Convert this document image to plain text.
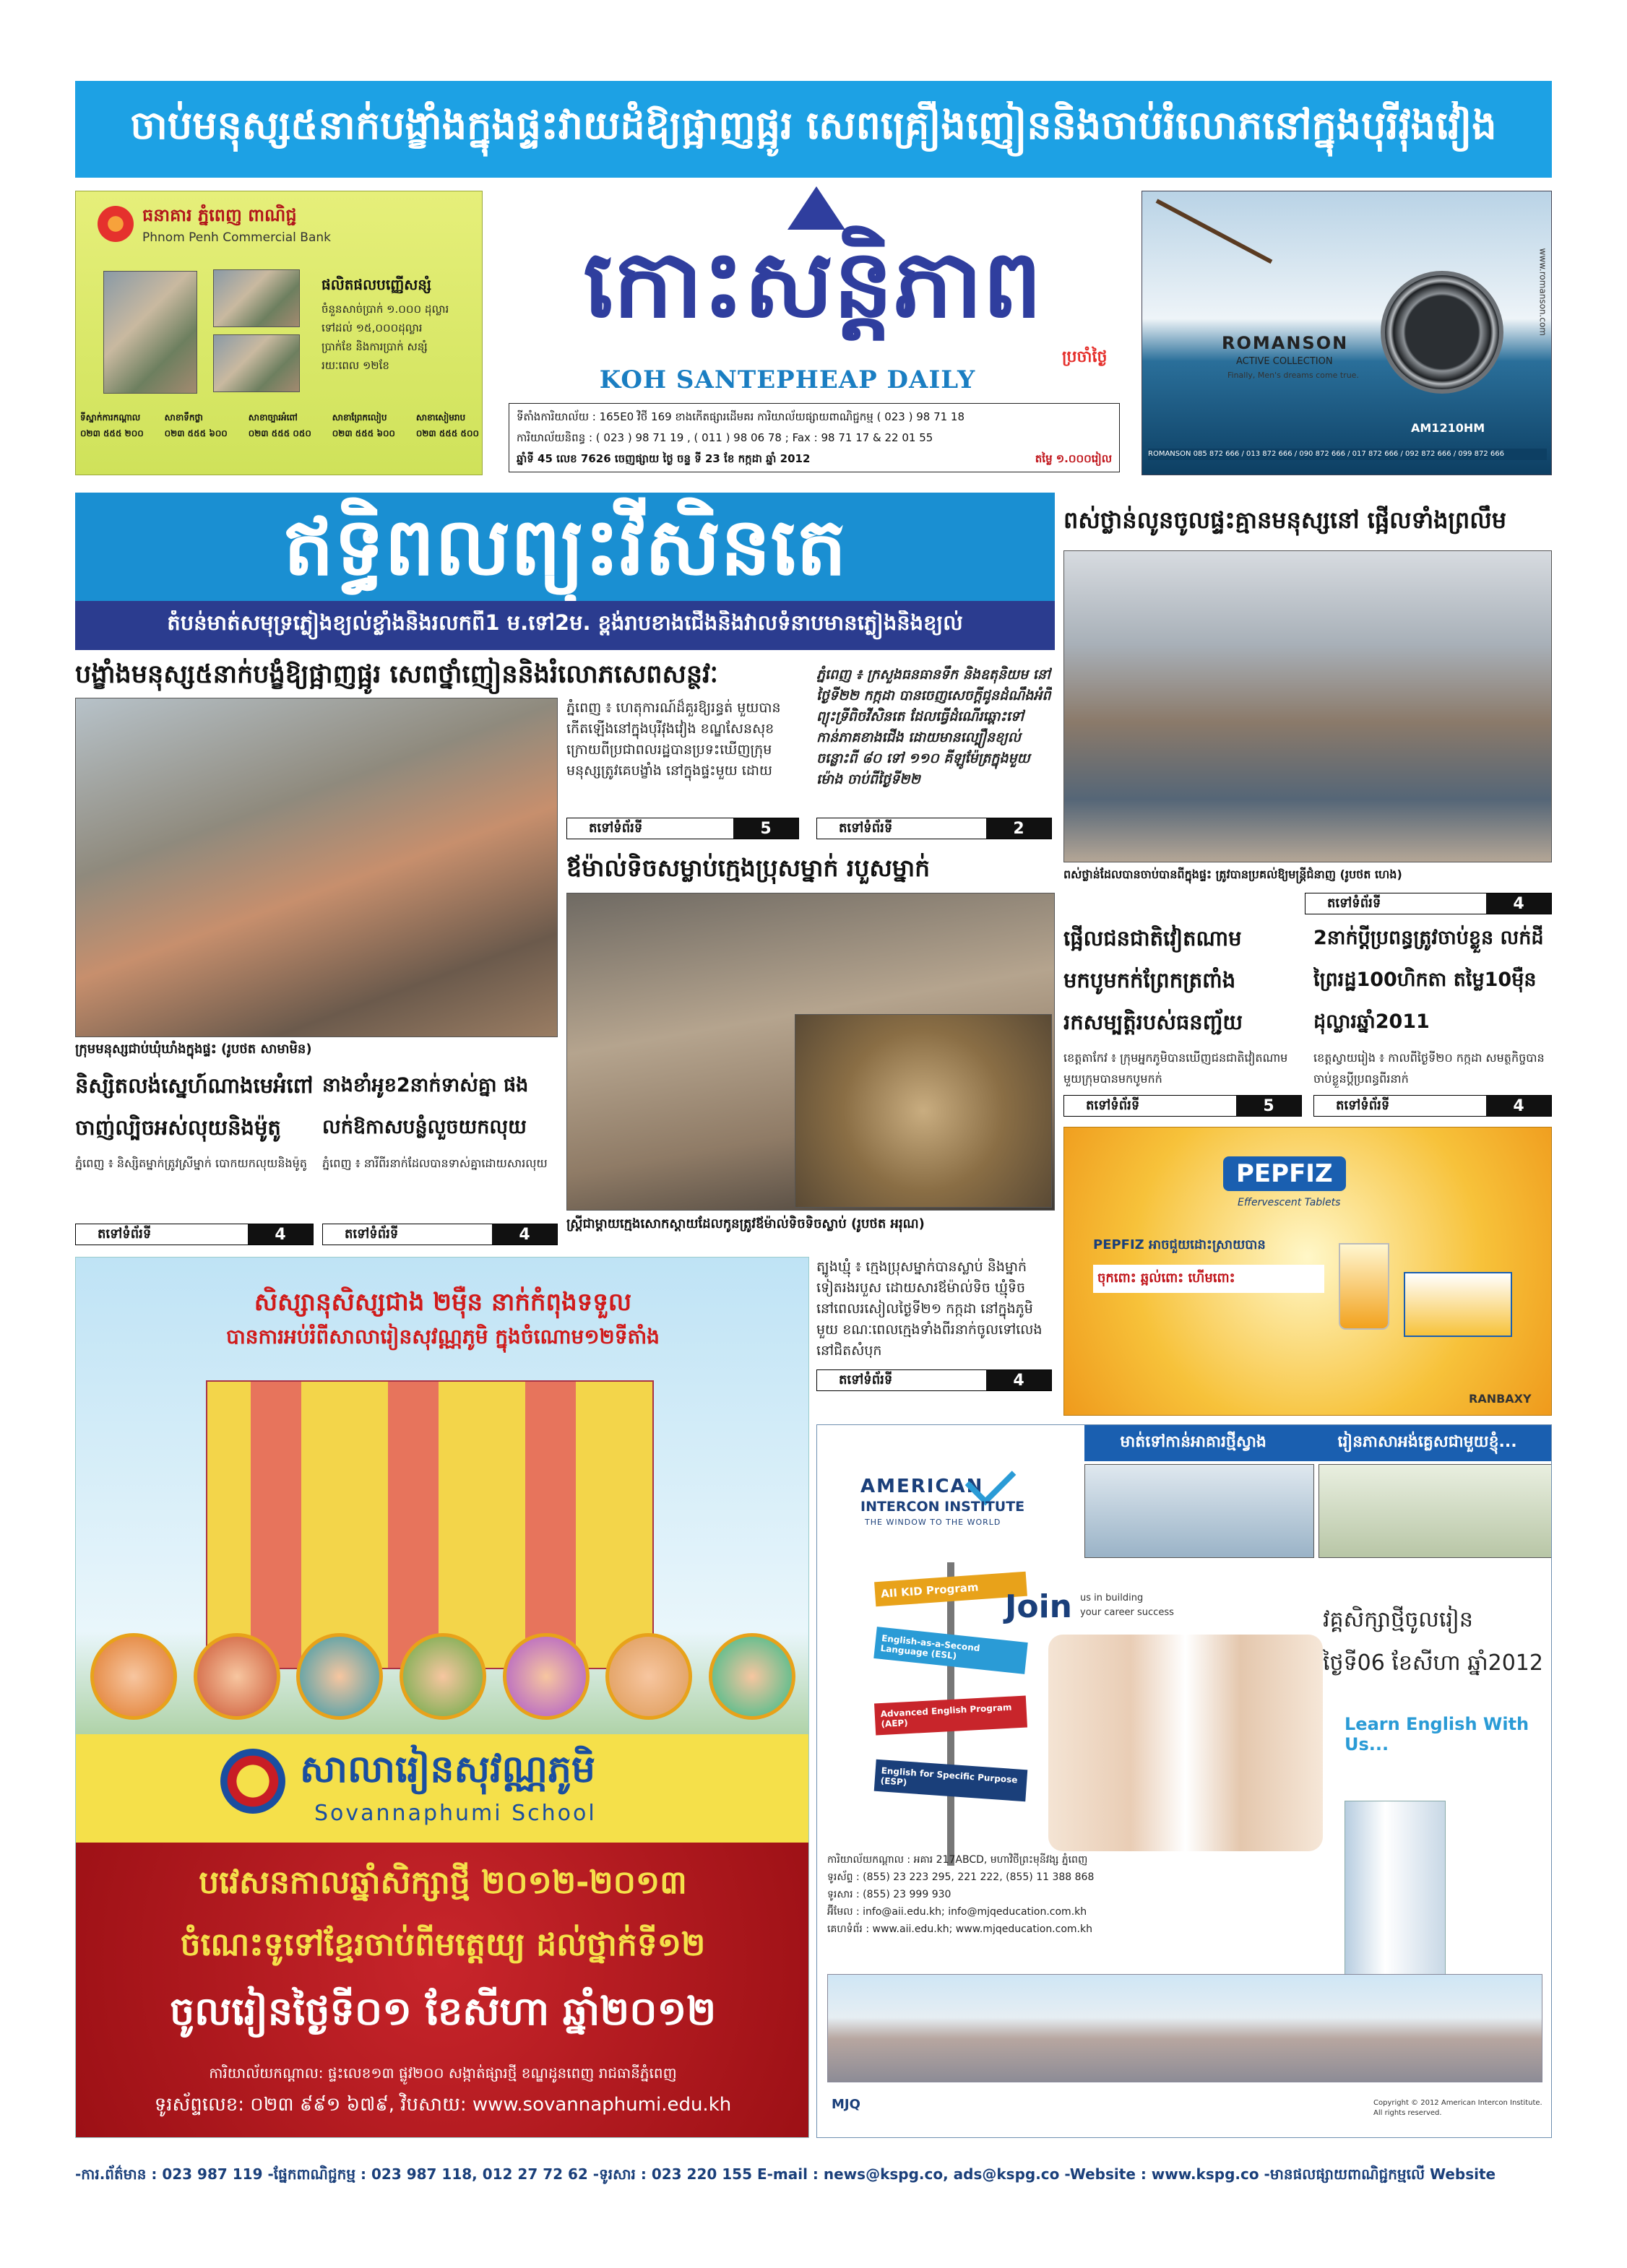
ចាប់មនុស្ស៥នាក់បង្ខាំងក្នុងផ្ទះវាយដំឱ្យផ្អាញផ្អូរ សេពគ្រឿងញៀននិងចាប់រំលោភនៅក្នុងបុរីវុងវៀង
ធនាគារ ភ្នំពេញ ពាណិជ្ជ
Phnom Penh Commercial Bank
ផលិតផលបញ្ញើសន្សំ
ចំនួនសាច់ប្រាក់ ១.០០០ ដុល្លារ
ទៅដល់ ១៥,០០០ដុល្លារ
ប្រាក់ខែ និងការប្រាក់ សន្សំ
រយៈពេល ១២ខែ
ទីស្នាក់ការកណ្តាល
០២៣ ៥៥៥ ២០០
សាខាទឹកថ្លា
០២៣ ៥៥៥ ៦០០
សាខាច្បារអំពៅ
០២៣ ៥៥៥ ០៥០
សាខាព្រែកលៀប
០២៣ ៥៥៥ ៦០០
សាខាសៀមរាប
០២៣ ៥៥៥ ៥០០
កោះសន្តិភាព
KOH SANTEPHEAP DAILY
ប្រចាំថ្ងៃ
ទីតាំងការិយាល័យ : 165E0 វិថី 169 ខាងកើតផ្សារដើមគរ ការិយាល័យផ្សាយពាណិជ្ជកម្ម ( 023 ) 98 71 18
ការិយាល័យនិពន្ធ : ( 023 ) 98 71 19 , ( 011 ) 98 06 78 ; Fax : 98 71 17 & 22 01 55
ឆ្នាំទី 45 លេខ 7626 ចេញផ្សាយ ថ្ងៃ ចន្ទ ទី 23 ខែ កក្កដា ឆ្នាំ 2012	តម្លៃ ១.០០០រៀល
ROMANSON
ACTIVE COLLECTION
Finally, Men's dreams come true.
AM1210HM
www.romanson.com
ROMANSON 085 872 666 / 013 872 666 / 090 872 666 / 017 872 666 / 092 872 666 / 099 872 666
ឥទ្ធិពលព្យុះវីសិនតេ
តំបន់មាត់សមុទ្រភ្លៀងខ្យល់ខ្លាំងនិងរលកពី1 ម.ទៅ2ម. ខ្ពង់រាបខាងជើងនិងវាលទំនាបមានភ្លៀងនិងខ្យល់
បង្ខាំងមនុស្ស៥នាក់បង្ខំឱ្យផ្អាញផ្អូរ សេពថ្នាំញៀននិងរំលោភសេពសន្ថវៈ
ក្រុមមនុស្សជាប់ឃុំឃាំងក្នុងផ្ទះ (រូបថត សាមាមិន)
ភ្នំពេញ ៖ ហេតុការណ៍ដ៏គួរឱ្យរន្ធត់ មួយបានកើតឡើងនៅក្នុងបុរីវុងវៀង ខណ្ឌសែនសុខ ក្រោយពីប្រជាពលរដ្ឋបានប្រទះឃើញក្រុមមនុស្សត្រូវគេបង្ខាំង នៅក្នុងផ្ទះមួយ ដោយ
តទៅទំព័រទី	5
ភ្នំពេញ ៖ ក្រសួងធនធានទឹក និងឧតុនិយម នៅថ្ងៃទី២២ កក្កដា បានចេញសេចក្តីជូនដំណឹងអំពីព្យុះទី្រពិចវីសិនតេ ដែលធ្វើដំណើរឆ្ពោះទៅកាន់ភាគខាងជើង ដោយមានល្បឿនខ្យល់ ចន្លោះពី ៨០ ទៅ ១១០ គីឡូម៉ែត្រក្នុងមួយម៉ោង ចាប់ពីថ្ងៃទី២២
តទៅទំព័រទី	2
ឪម៉ាល់ទិចសម្លាប់ក្មេងប្រុសម្នាក់ របួសម្នាក់
ស្ត្រីជាម្តាយក្មេងសោកស្តាយដែលកូនត្រូវឪម៉ាល់ទិចទិចស្លាប់ (រូបថត អរុណ)
ត្បូងឃ្មុំ ៖ ក្មេងប្រុសម្នាក់បានស្លាប់ និងម្នាក់ទៀតរងរបួស ដោយសារឪម៉ាល់ទិច ឃ្មុំទិចនៅពេលរសៀលថ្ងៃទី២១ កក្កដា នៅក្នុងភូមិមួយ ខណៈពេលក្មេងទាំងពីរនាក់ចូលទៅលេងនៅជិតសំបុក
តទៅទំព័រទី	4
ពស់ថ្លាន់លូនចូលផ្ទះគ្មានមនុស្សនៅ ផ្អើលទាំងព្រលឹម
ពស់ថ្លាន់ដែលបានចាប់បានពីក្នុងផ្ទះ ត្រូវបានប្រគល់ឱ្យមន្ត្រីជំនាញ (រូបថត ហេង)
តទៅទំព័រទី	4
ផ្អើលជនជាតិវៀតណាម មកបូមកក់ព្រែកត្រពាំង រកសម្បត្តិរបស់ធនញ្ជ័យ
ខេត្តតាកែវ ៖ ក្រុមអ្នកភូមិបានឃើញជនជាតិវៀតណាមមួយក្រុមបានមកបូមកក់
តទៅទំព័រទី	5
2នាក់ប្តីប្រពន្ធត្រូវចាប់ខ្លួន លក់ដីព្រៃរដ្ឋ100ហិកតា តម្លៃ10ម៉ឺនដុល្លារឆ្នាំ2011
ខេត្តស្វាយរៀង ៖ កាលពីថ្ងៃទី២០ កក្កដា សមត្ថកិច្ចបានចាប់ខ្លួនប្តីប្រពន្ធពីរនាក់
តទៅទំព័រទី	4
និស្សិតលង់ស្នេហ៍ណាងមេអំពៅ ចាញ់ល្បិចអស់លុយនិងម៉ូតូ
ភ្នំពេញ ៖ និស្សិតម្នាក់ត្រូវស្រីម្នាក់ បោកយកលុយនិងម៉ូតូ
តទៅទំព័រទី	4
នាងខាំអូខ2នាក់ទាស់គ្នា ផងលក់ឱកាសបន្លំលួចយកលុយ
ភ្នំពេញ ៖ នារីពីរនាក់ដែលបានទាស់គ្នាដោយសារលុយ
តទៅទំព័រទី	4
PEPFIZ
Effervescent Tablets
PEPFIZ អាចជួយដោះស្រាយបាន
ចុកពោះ ឆ្អល់ពោះ ហើមពោះ
RANBAXY
សិស្សានុសិស្សជាង ២ម៉ឺន នាក់កំពុងទទួល
បានការអប់រំពីសាលារៀនសុវណ្ណភូមិ ក្នុងចំណោម១២ទីតាំង
សាលារៀនសុវណ្ណភូមិ
Sovannaphumi School
បវេសនកាលឆ្នាំសិក្សាថ្មី ២០១២-២០១៣
ចំណេះទូទៅខ្មែរចាប់ពីមត្តេយ្យ ដល់ថ្នាក់ទី១២
ចូលរៀនថ្ងៃទី០១ ខែសីហា ឆ្នាំ២០១២
ការិយាល័យកណ្តាល: ផ្ទះលេខ១៣ ផ្លូវ២០០ សង្កាត់ផ្សារថ្មី ខណ្ឌដូនពេញ រាជធានីភ្នំពេញ
ទូរស័ព្ទលេខ: ០២៣ ៩៩១ ៦៧៩, វិបសាយ: www.sovannaphumi.edu.kh
មាត់ទៅកាន់អាគារថ្មីស្វាង	រៀនភាសាអង់គ្លេសជាមួយខ្ញុំ...
AMERICAN
INTERCON INSTITUTE
THE WINDOW TO THE WORLD
AII KID Program
English-as-a-Second Language (ESL)
Advanced English Program (AEP)
English for Specific Purpose (ESP)
Join us in building
your career success	វគ្គសិក្សាថ្មីចូលរៀន
ថ្ងៃទី06 ខែសីហា ឆ្នាំ2012
Learn English With Us...
ការិយាល័យកណ្តាល : អគារ 217ABCD, មហាវិថីព្រះមុនីវង្ស ភ្នំពេញ
ទូរស័ព្ទ : (855) 23 223 295, 221 222, (855) 11 388 868
ទូរសារ : (855) 23 999 930
អ៊ីមែល : info@aii.edu.kh; info@mjqeducation.com.kh
គេហទំព័រ : www.aii.edu.kh; www.mjqeducation.com.kh
MJQ	Copyright © 2012 American Intercon Institute. All rights reserved.
-ការ.ព័ត៌មាន : 023 987 119 -ផ្នែកពាណិជ្ជកម្ម : 023 987 118, 012 27 72 62 -ទូរសារ : 023 220 155 E-mail : news@kspg.co, ads@kspg.co -Website : www.kspg.co -មានផលផ្សាយពាណិជ្ជកម្មលើ Website
